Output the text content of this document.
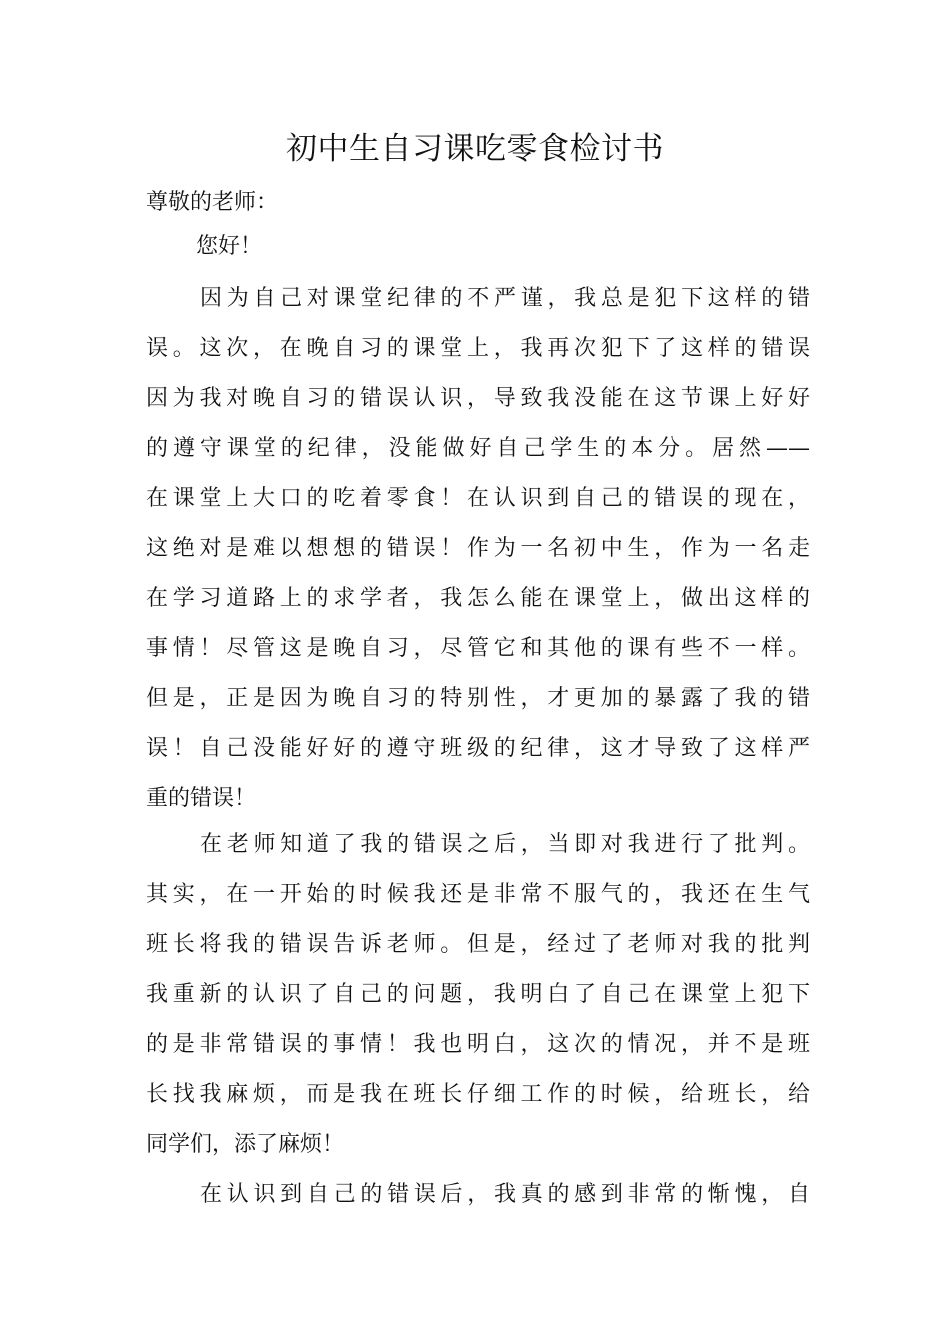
初中生自习课吃零食检讨书
尊敬的老师：
您好！
因为自己对课堂纪律的不严谨，我总是犯下这样的错
误。这次，在晚自习的课堂上，我再次犯下了这样的错误
因为我对晚自习的错误认识，导致我没能在这节课上好好
的遵守课堂的纪律，没能做好自己学生的本分。居然——
在课堂上大口的吃着零食！在认识到自己的错误的现在，
这绝对是难以想想的错误！作为一名初中生，作为一名走
在学习道路上的求学者，我怎么能在课堂上，做出这样的
事情！尽管这是晚自习，尽管它和其他的课有些不一样。
但是，正是因为晚自习的特别性，才更加的暴露了我的错
误！自己没能好好的遵守班级的纪律，这才导致了这样严
重的错误！
在老师知道了我的错误之后，当即对我进行了批判。
其实，在一开始的时候我还是非常不服气的，我还在生气
班长将我的错误告诉老师。但是，经过了老师对我的批判
我重新的认识了自己的问题，我明白了自己在课堂上犯下
的是非常错误的事情！我也明白，这次的情况，并不是班
长找我麻烦，而是我在班长仔细工作的时候，给班长，给
同学们，添了麻烦！
在认识到自己的错误后，我真的感到非常的惭愧，自
